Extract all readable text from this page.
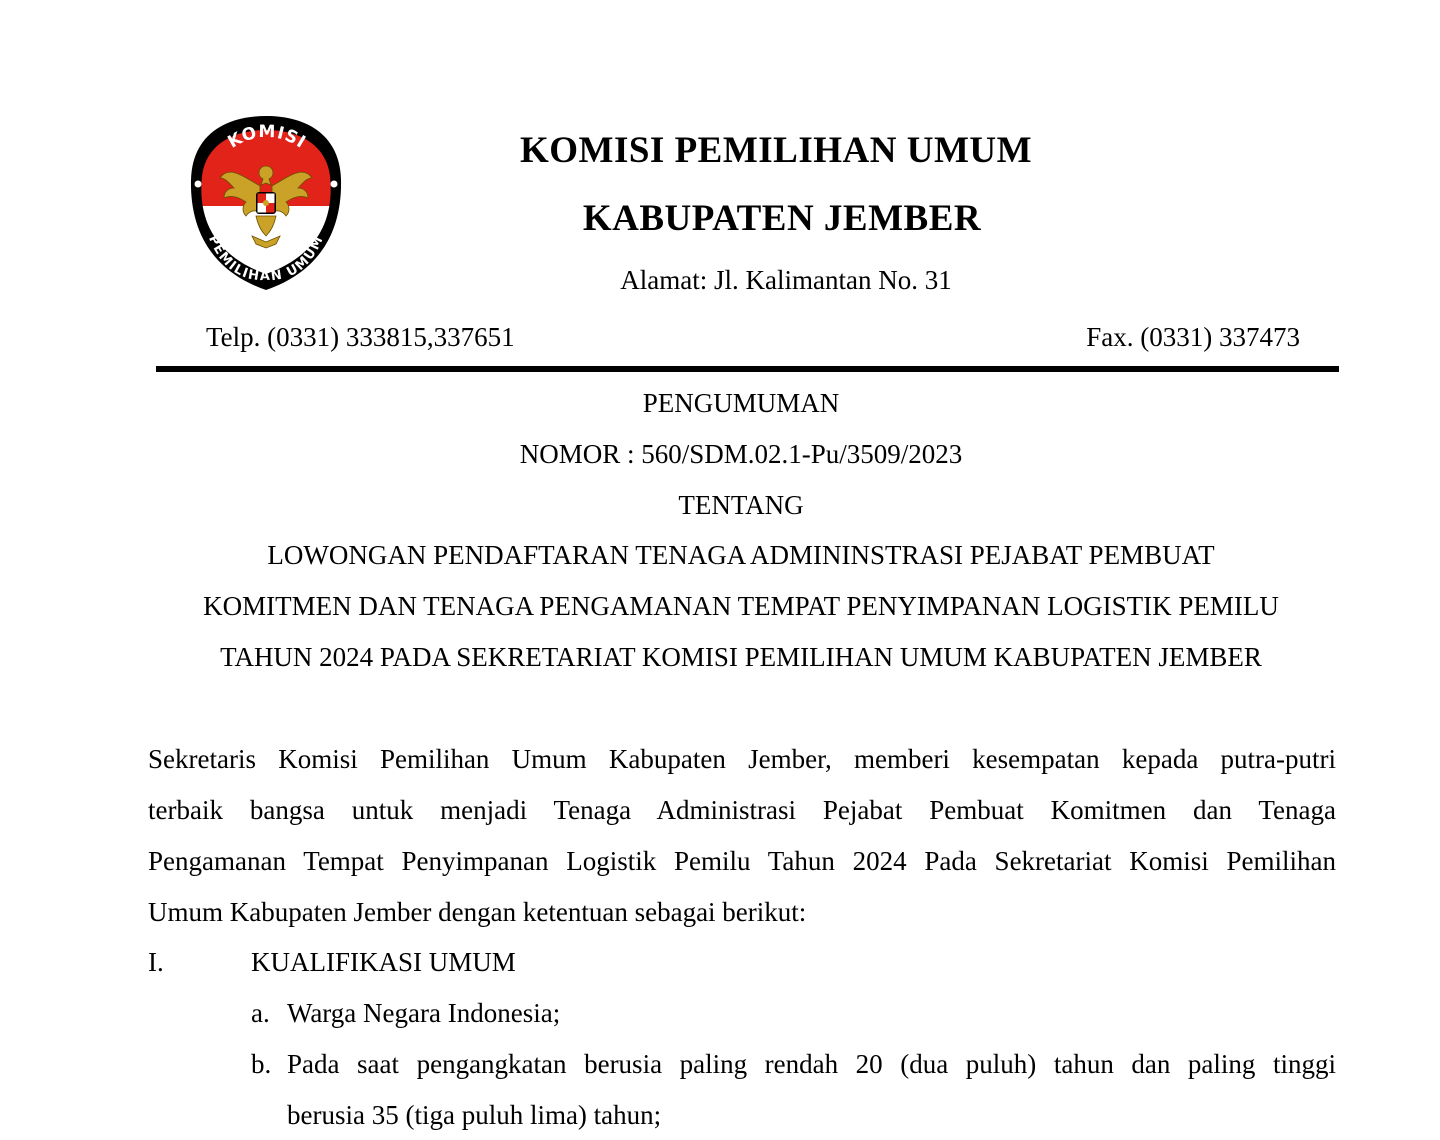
KOMISI
PEMILIHAN UMUM
KOMISI PEMILIHAN UMUM
KABUPATEN JEMBER
Alamat: Jl. Kalimantan No. 31
Telp. (0331) 333815,337651	Fax. (0331) 337473
PENGUMUMAN
NOMOR : 560/SDM.02.1-Pu/3509/2023
TENTANG
LOWONGAN PENDAFTARAN TENAGA ADMININSTRASI PEJABAT PEMBUAT
KOMITMEN DAN TENAGA PENGAMANAN TEMPAT PENYIMPANAN LOGISTIK PEMILU
TAHUN 2024 PADA SEKRETARIAT KOMISI PEMILIHAN UMUM KABUPATEN JEMBER
Sekretaris Komisi Pemilihan Umum Kabupaten Jember, memberi kesempatan kepada putra-putri
terbaik bangsa untuk menjadi Tenaga Administrasi Pejabat Pembuat Komitmen dan Tenaga
Pengamanan Tempat Penyimpanan Logistik Pemilu Tahun 2024 Pada Sekretariat Komisi Pemilihan
Umum Kabupaten Jember dengan ketentuan sebagai berikut:
I.	KUALIFIKASI UMUM
a. Warga Negara Indonesia;
b. Pada saat pengangkatan berusia paling rendah 20 (dua puluh) tahun dan paling tinggi
berusia 35 (tiga puluh lima) tahun;
